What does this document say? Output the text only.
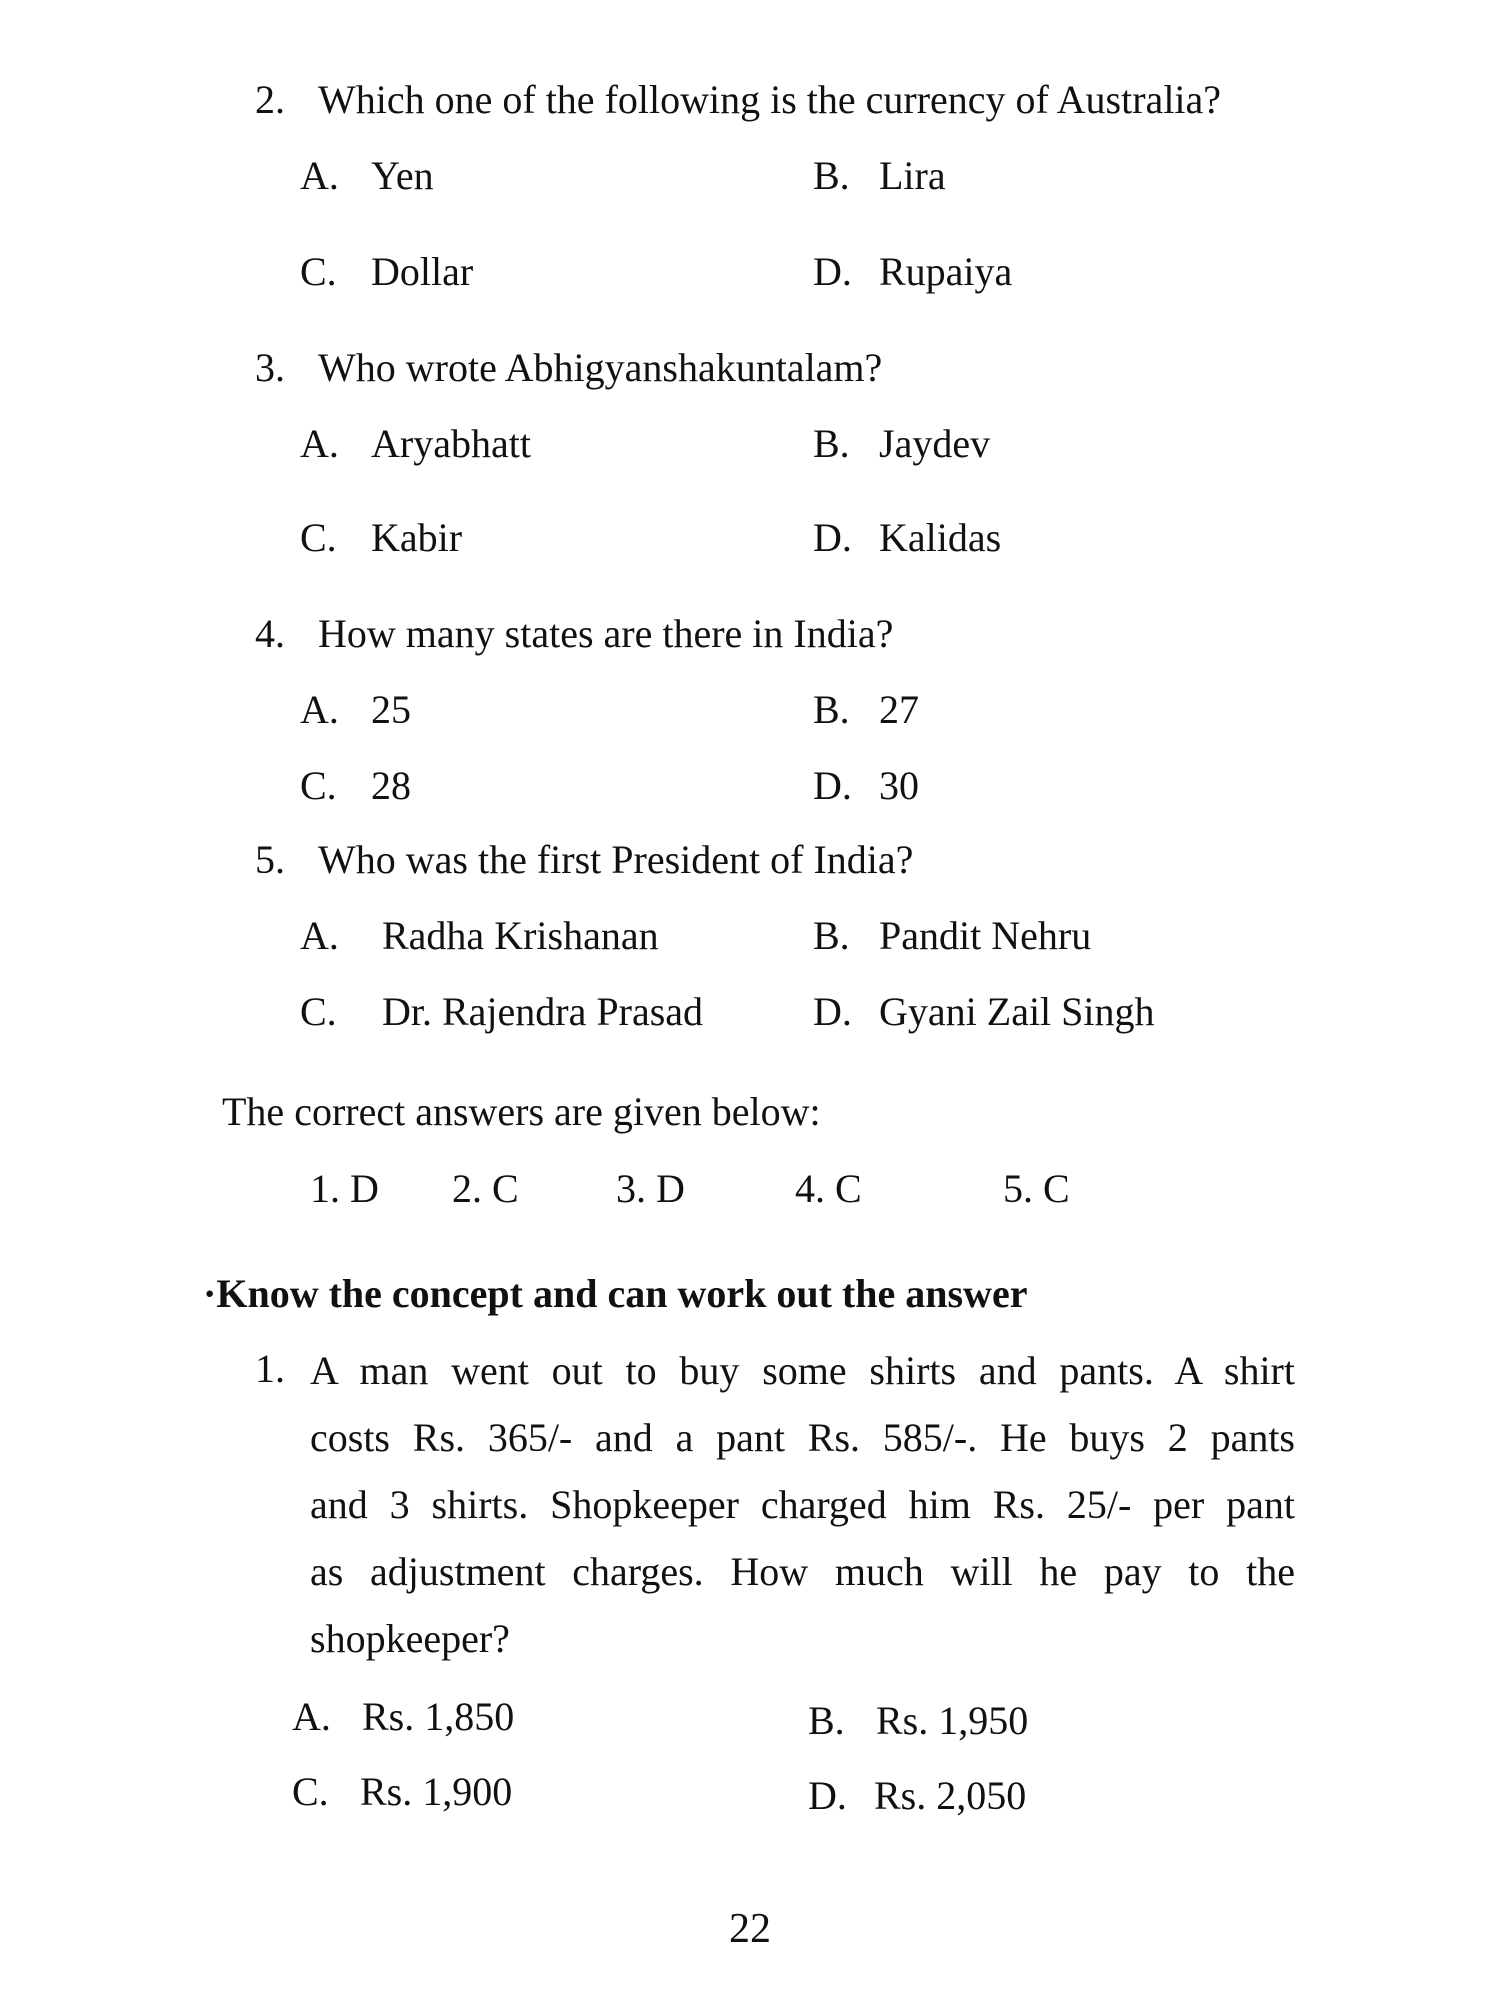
2. Which one of the following is the currency of Australia?
A. Yen	B. Lira
C. Dollar	D. Rupaiya
3. Who wrote Abhigyanshakuntalam?
A. Aryabhatt	B. Jaydev
C. Kabir	D. Kalidas
4. How many states are there in India?
A. 25	B. 27
C. 28	D. 30
5. Who was the first President of India?
A. Radha Krishanan	B. Pandit Nehru
C. Dr. Rajendra Prasad	D. Gyani Zail Singh
The correct answers are given below:
1. D 2. C 3. D	4. C	5. C
·Know the concept and can work out the answer
1. A man went out to buy some shirts and pants. A shirt
costs Rs. 365/- and a pant Rs. 585/-. He buys 2 pants
and 3 shirts. Shopkeeper charged him Rs. 25/- per pant
as adjustment charges. How much will he pay to the
shopkeeper?
A. Rs. 1,850	B. Rs. 1,950
C. Rs. 1,900	D. Rs. 2,050
22
